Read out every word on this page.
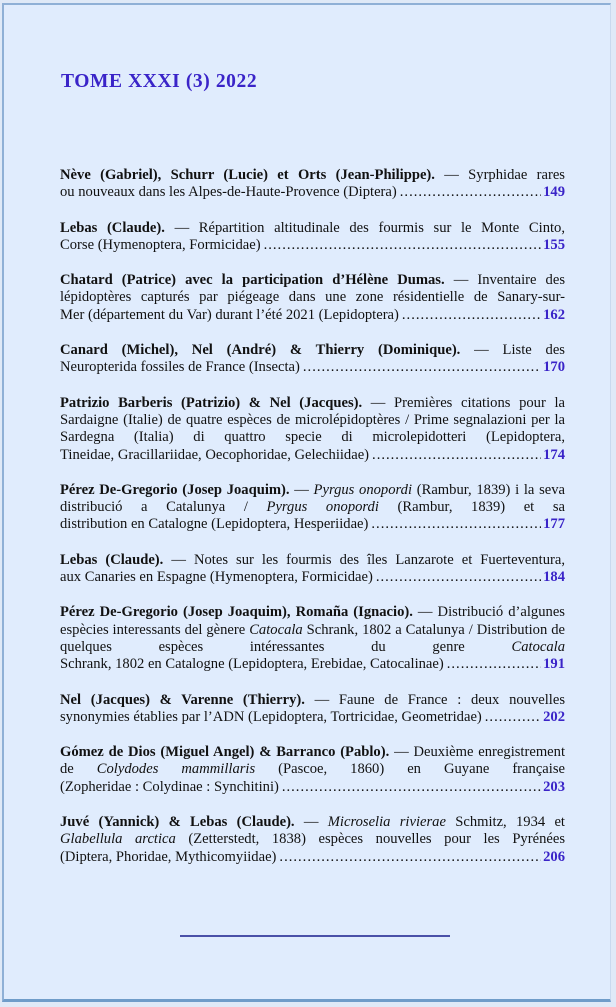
TOME XXXI (3) 2022
Nève (Gabriel), Schurr (Lucie) et Orts (Jean-Philippe). — Syrphidae rares
ou nouveaux dans les Alpes-de-Haute-Provence (Diptera) .....	149
Lebas (Claude). — Répartition altitudinale des fourmis sur le Monte Cinto,
Corse (Hymenoptera, Formicidae) .....	155
Chatard (Patrice) avec la participation d’Hélène Dumas. — Inventaire des lépidoptères capturés par piégeage dans une zone résidentielle de Sanary-sur-
Mer (département du Var) durant l’été 2021 (Lepidoptera) .....	162
Canard (Michel), Nel (André) & Thierry (Dominique). — Liste des
Neuropterida fossiles de France (Insecta) .....	170
Patrizio Barberis (Patrizio) & Nel (Jacques). — Premières citations pour la Sardaigne (Italie) de quatre espèces de microlépidoptères / Prime segnalazioni per la Sardegna (Italia) di quattro specie di microlepidotteri (Lepidoptera,
Tineidae, Gracillariidae, Oecophoridae, Gelechiidae) .....	174
Pérez De-Gregorio (Josep Joaquim). — Pyrgus onopordi (Rambur, 1839) i la seva distribució a Catalunya / Pyrgus onopordi (Rambur, 1839) et sa
distribution en Catalogne (Lepidoptera, Hesperiidae) .....	177
Lebas (Claude). — Notes sur les fourmis des îles Lanzarote et Fuerteventura,
aux Canaries en Espagne (Hymenoptera, Formicidae) .....	184
Pérez De-Gregorio (Josep Joaquim), Romaña (Ignacio). — Distribució d’algunes espècies interessants del gènere Catocala Schrank, 1802 a Catalunya / Distribution de quelques espèces intéressantes du genre Catocala
Schrank, 1802 en Catalogne (Lepidoptera, Erebidae, Catocalinae) .....	191
Nel (Jacques) & Varenne (Thierry). — Faune de France : deux nouvelles
synonymies établies par l’ADN (Lepidoptera, Tortricidae, Geometridae) .....	202
Gómez de Dios (Miguel Angel) & Barranco (Pablo). — Deuxième enregistrement de Colydodes mammillaris (Pascoe, 1860) en Guyane française
(Zopheridae : Colydinae : Synchitini) .....	203
Juvé (Yannick) & Lebas (Claude). — Microselia rivierae Schmitz, 1934 et Glabellula arctica (Zetterstedt, 1838) espèces nouvelles pour les Pyrénées
(Diptera, Phoridae, Mythicomyiidae) .....	206
